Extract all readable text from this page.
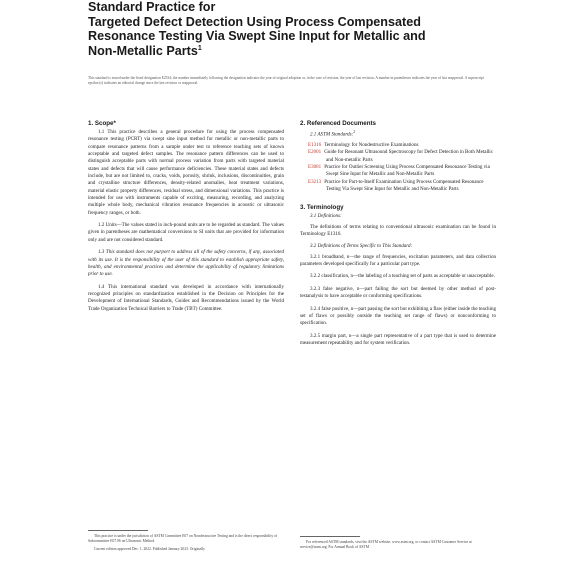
Standard Practice for
Targeted Defect Detection Using Process Compensated
Resonance Testing Via Swept Sine Input for Metallic and
Non-Metallic Parts$^1$
This standard is issued under the fixed designation E2534; the number immediately following the designation indicates the year of original adoption or, in the case of revision, the year of last revision. A number in parentheses indicates the year of last reapproval. A superscript epsilon (ε) indicates an editorial change since the last revision or reapproval.
1. Scope*

1.1 This practice describes a general procedure for using the process compensated resonance testing (PCRT) via swept sine input method for metallic or non-metallic parts to compare resonance patterns from a sample under test to reference teaching sets of known acceptable and targeted defect samples. The resonance pattern differences can be used to distinguish acceptable parts with normal process variation from parts with targeted material states and defects that will cause performance deficiencies. These material states and defects include, but are not limited to, cracks, voids, porosity, shrink, inclusions, discontinuities, grain and crystalline structure differences, density-related anomalies, heat treatment variations, material elastic property differences, residual stress, and dimensional variations. This practice is intended for use with instruments capable of exciting, measuring, recording, and analyzing multiple whole body, mechanical vibration resonance frequencies in acoustic or ultrasonic frequency ranges, or both.

1.2 Units—The values stated in inch-pound units are to be regarded as standard. The values given in parentheses are mathematical conversions to SI units that are provided for information only and are not considered standard.

1.3 This standard does not purport to address all of the safety concerns, if any, associated with its use. It is the responsibility of the user of this standard to establish appropriate safety, health, and environmental practices and determine the applicability of regulatory limitations prior to use.

1.4 This international standard was developed in accordance with internationally recognized principles on standardization established in the Decision on Principles for the Development of International Standards, Guides and Recommendations issued by the World Trade Organization Technical Barriers to Trade (TBT) Committee.

2. Referenced Documents
2.1 ASTM Standards:$^2$
E1316 Terminology for Nondestructive Examinations
E2001 Guide for Resonant Ultrasound Spectroscopy for Defect Detection in Both Metallic and Non-metallic Parts
E3081 Practice for Outlier Screening Using Process Compensated Resonance Testing via Swept Sine Input for Metallic and Non-Metallic Parts
E3213 Practice for Part-to-Itself Examination Using Process Compensated Resonance Testing Via Swept Sine Input for Metallic and Non-Metallic Parts
3. Terminology
3.1 Definitions:

The definitions of terms relating to conventional ultrasonic examination can be found in Terminology E1316.

3.2 Definitions of Terms Specific to This Standard:

3.2.1 broadband, n—the range of frequencies, excitation parameters, and data collection parameters developed specifically for a particular part type.

3.2.2 classification, n—the labeling of a teaching set of parts as acceptable or unacceptable.

3.2.3 false negative, n—part failing the sort but deemed by other method of post-testanalysis to have acceptable or conforming specifications.

3.2.4 false positive, n—part passing the sort but exhibiting a flaw (either inside the teaching set of flaws or possibly outside the teaching set range of flaws) or nonconforming to specification.

3.2.5 margin part, n—a single part representative of a part type that is used to determine measurement repeatability and for system verification.

This practice is under the jurisdiction of ASTM Committee E07 on Nondestructive Testing and is the direct responsibility of Subcommittee E07.06 on Ultrasonic Method.

Current edition approved Dec. 1, 2022. Published January 2023. Originally

For referenced ASTM standards, visit the ASTM website, www.astm.org, or contact ASTM Customer Service at service@astm.org. For Annual Book of ASTM
